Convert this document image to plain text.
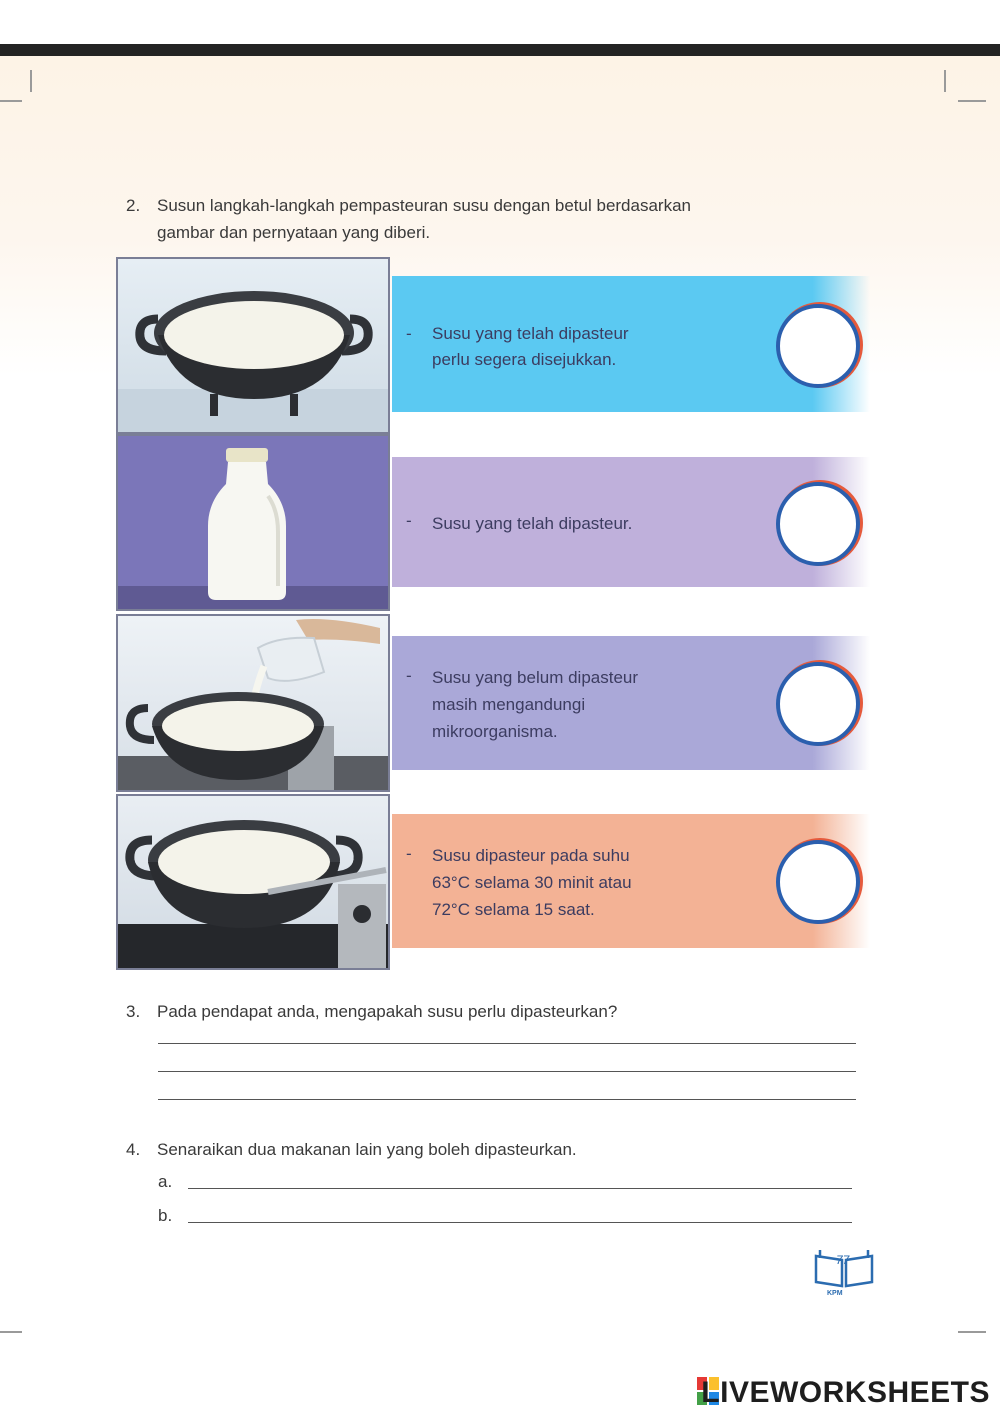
2. Susun langkah-langkah pempasteuran susu dengan betul berdasarkan
gambar dan pernyataan yang diberi.
- Susu yang telah dipasteur
perlu segera disejukkan.
- Susu yang telah dipasteur.
- Susu yang belum dipasteur
masih mengandungi
mikroorganisma.
- Susu dipasteur pada suhu
63°C selama 30 minit atau
72°C selama 15 saat.
3. Pada pendapat anda, mengapakah susu perlu dipasteurkan?
4. Senaraikan dua makanan lain yang boleh dipasteurkan.
a.
b.
77
KPM
LIVEWORKSHEETS
